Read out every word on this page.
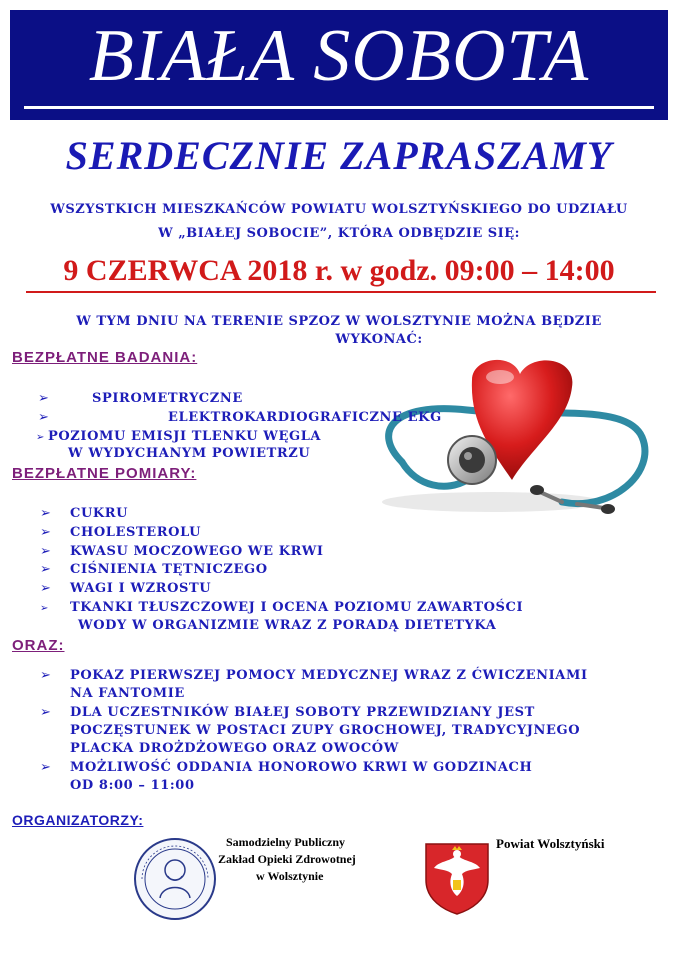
BIAŁA SOBOTA
SERDECZNIE ZAPRASZAMY
WSZYSTKICH MIESZKAŃCÓW POWIATU WOLSZTYŃSKIEGO DO UDZIAŁU
W „BIAŁEJ SOBOCIE”, KTÓRA ODBĘDZIE SIĘ:
9 CZERWCA 2018 r. w godz. 09:00 – 14:00
W TYM DNIU NA TERENIE SPZOZ W WOLSZTYNIE MOŻNA BĘDZIE
WYKONAĆ:
BEZPŁATNE BADANIA:
➢	SPIROMETRYCZNE
➢	ELEKTROKARDIOGRAFICZNE EKG
➢ POZIOMU EMISJI TLENKU WĘGLA
W WYDYCHANYM POWIETRZU
BEZPŁATNE POMIARY:
➢ CUKRU
➢ CHOLESTEROLU
➢ KWASU MOCZOWEGO WE KRWI
➢ CIŚNIENIA TĘTNICZEGO
➢ WAGI I WZROSTU
➢ TKANKI TŁUSZCZOWEJ I OCENA POZIOMU ZAWARTOŚCI
WODY W ORGANIZMIE WRAZ Z PORADĄ DIETETYKA
ORAZ:
➢ POKAZ PIERWSZEJ POMOCY MEDYCZNEJ WRAZ Z ĆWICZENIAMI
NA FANTOMIE
➢ DLA UCZESTNIKÓW BIAŁEJ SOBOTY PRZEWIDZIANY JEST
POCZĘSTUNEK W POSTACI ZUPY GROCHOWEJ, TRADYCYJNEGO
PLACKA DROŻDŻOWEGO ORAZ OWOCÓW
➢ MOŻLIWOŚĆ ODDANIA HONOROWO KRWI W GODZINACH
OD 8:00 – 11:00
ORGANIZATORZY:
Samodzielny Publiczny
Zakład Opieki Zdrowotnej
w Wolsztynie
Powiat Wolsztyński
